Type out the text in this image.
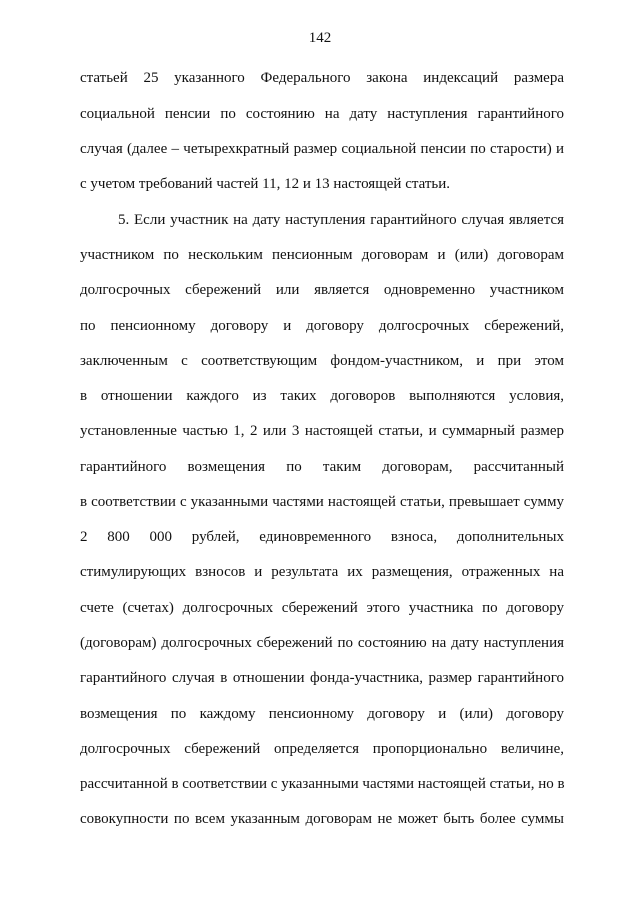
142
статьей 25 указанного Федерального закона индексаций размера
социальной пенсии по состоянию на дату наступления гарантийного
случая (далее – четырехкратный размер социальной пенсии по старости) и
с учетом требований частей 11, 12 и 13 настоящей статьи.
5. Если участник на дату наступления гарантийного случая является
участником по нескольким пенсионным договорам и (или) договорам
долгосрочных сбережений или является одновременно участником
по пенсионному договору и договору долгосрочных сбережений,
заключенным с соответствующим фондом-участником, и при этом
в отношении каждого из таких договоров выполняются условия,
установленные частью 1, 2 или 3 настоящей статьи, и суммарный размер
гарантийного возмещения по таким договорам, рассчитанный
в соответствии с указанными частями настоящей статьи, превышает сумму
2 800 000 рублей, единовременного взноса, дополнительных
стимулирующих взносов и результата их размещения, отраженных на
счете (счетах) долгосрочных сбережений этого участника по договору
(договорам) долгосрочных сбережений по состоянию на дату наступления
гарантийного случая в отношении фонда-участника, размер гарантийного
возмещения по каждому пенсионному договору и (или) договору
долгосрочных сбережений определяется пропорционально величине,
рассчитанной в соответствии с указанными частями настоящей статьи, но в
совокупности по всем указанным договорам не может быть более суммы
